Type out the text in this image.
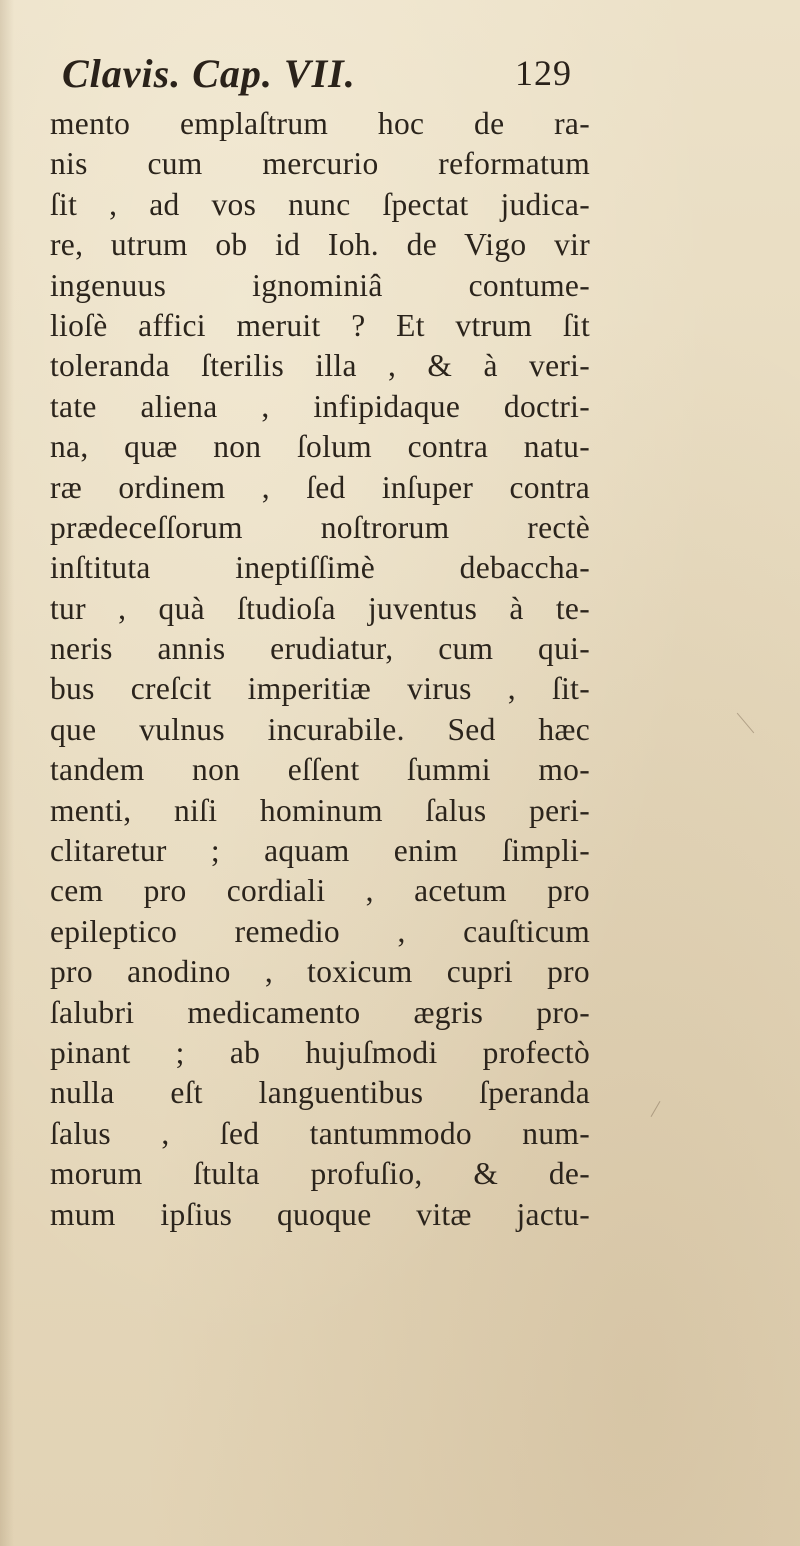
Clavis. Cap. VII.	129
mento emplaſtrum hoc de ra-
nis cum mercurio reformatum
ſit , ad vos nunc ſpectat judica-
re, utrum ob id Ioh. de Vigo vir
ingenuus ignominiâ contume-
lioſè affici meruit ? Et vtrum ſit
toleranda ſterilis illa , & à veri-
tate aliena , infipidaque doctri-
na, quæ non ſolum contra natu-
ræ ordinem , ſed inſuper contra
prædeceſſorum noſtrorum rectè
inſtituta ineptiſſimè debaccha-
tur , quà ſtudioſa juventus à te-
neris annis erudiatur, cum qui-
bus creſcit imperitiæ virus , ſit-
que vulnus incurabile. Sed hæc
tandem non eſſent ſummi mo-
menti, niſi hominum ſalus peri-
clitaretur ; aquam enim ſimpli-
cem pro cordiali , acetum pro
epileptico remedio , cauſticum
pro anodino , toxicum cupri pro
ſalubri medicamento ægris pro-
pinant ; ab hujuſmodi profectò
nulla eſt languentibus ſperanda
ſalus , ſed tantummodo num-
morum ſtulta profuſio, & de-
mum ipſius quoque vitæ jactu-
